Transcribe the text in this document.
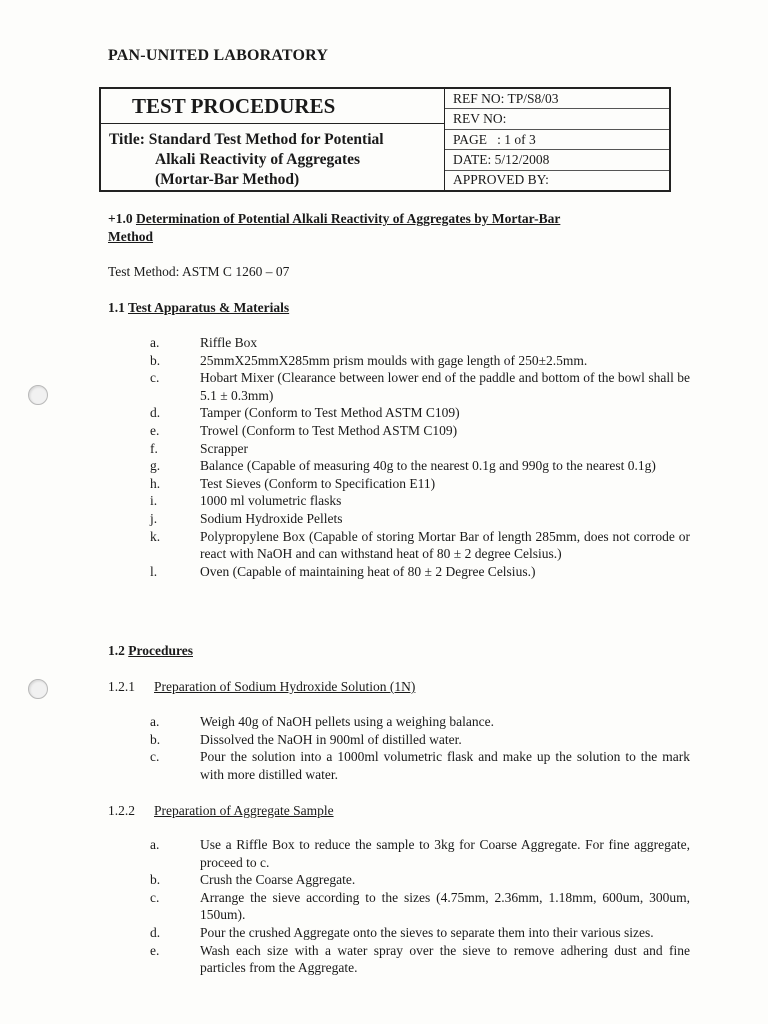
PAN-UNITED LABORATORY
TEST PROCEDURES
Title: Standard Test Method for Potential
Alkali Reactivity of Aggregates
(Mortar-Bar Method)
REF NO: TP/S8/03
REV NO:
PAGE   : 1 of 3
DATE: 5/12/2008
APPROVED BY:
+1.0 Determination of Potential Alkali Reactivity of Aggregates by Mortar-Bar
Method
Test Method: ASTM C 1260 – 07
1.1 Test Apparatus & Materials
a.	Riffle Box
b.	25mmX25mmX285mm prism moulds with gage length of 250±2.5mm.
c.	Hobart Mixer (Clearance between lower end of the paddle and bottom of the bowl shall be 5.1 ± 0.3mm)
d.	Tamper (Conform to Test Method ASTM C109)
e.	Trowel (Conform to Test Method ASTM C109)
f.	Scrapper
g.	Balance (Capable of measuring 40g to the nearest 0.1g and 990g to the nearest 0.1g)
h.	Test Sieves (Conform to Specification E11)
i.	1000 ml volumetric flasks
j.	Sodium Hydroxide Pellets
k.	Polypropylene Box (Capable of storing Mortar Bar of length 285mm, does not corrode or react with NaOH and can withstand heat of 80 ± 2 degree Celsius.)
l.	Oven (Capable of maintaining heat of 80 ± 2 Degree Celsius.)
1.2 Procedures
1.2.1 Preparation of Sodium Hydroxide Solution (1N)
a.	Weigh 40g of NaOH pellets using a weighing balance.
b.	Dissolved the NaOH in 900ml of distilled water.
c.	Pour the solution into a 1000ml volumetric flask and make up the solution to the mark with more distilled water.
1.2.2 Preparation of Aggregate Sample
a.	Use a Riffle Box to reduce the sample to 3kg for Coarse Aggregate. For fine aggregate, proceed to c.
b.	Crush the Coarse Aggregate.
c.	Arrange the sieve according to the sizes (4.75mm, 2.36mm, 1.18mm, 600um, 300um, 150um).
d.	Pour the crushed Aggregate onto the sieves to separate them into their various sizes.
e.	Wash each size with a water spray over the sieve to remove adhering dust and fine particles from the Aggregate.
